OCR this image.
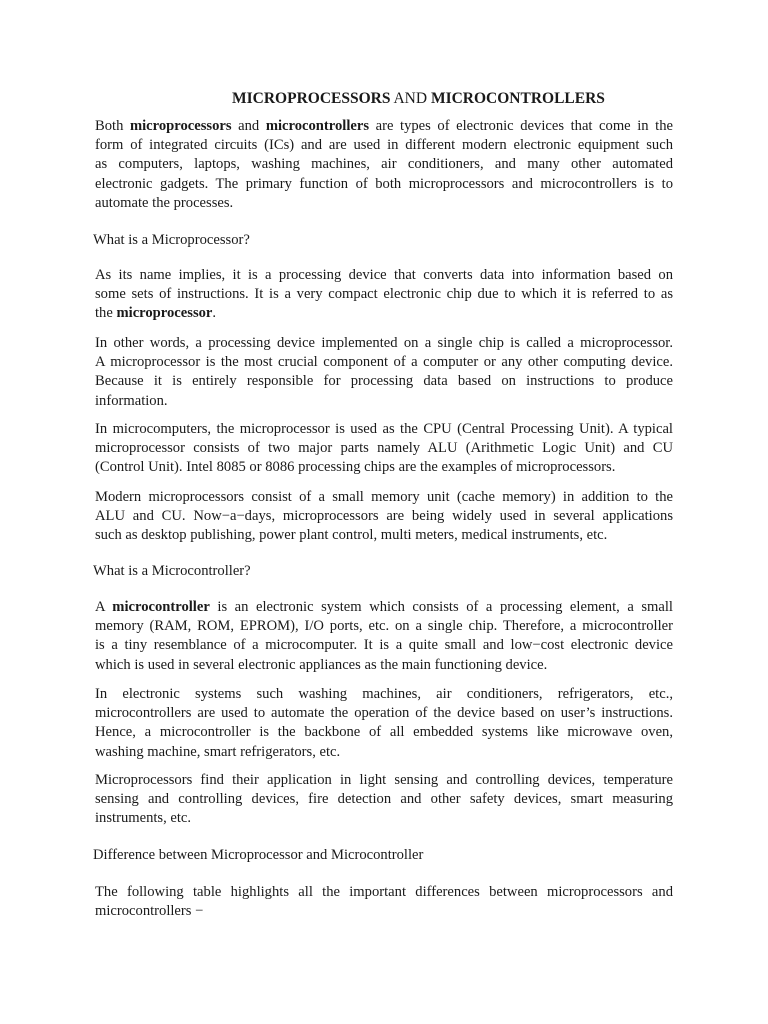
MICROPROCESSORS AND MICROCONTROLLERS
Both microprocessors and microcontrollers are types of electronic devices that come in the
form of integrated circuits (ICs) and are used in different modern electronic equipment such
as computers, laptops, washing machines, air conditioners, and many other automated
electronic gadgets. The primary function of both microprocessors and microcontrollers is to
automate the processes.
What is a Microprocessor?
As its name implies, it is a processing device that converts data into information based on
some sets of instructions. It is a very compact electronic chip due to which it is referred to as
the microprocessor.
In other words, a processing device implemented on a single chip is called a microprocessor.
A microprocessor is the most crucial component of a computer or any other computing device.
Because it is entirely responsible for processing data based on instructions to produce
information.
In microcomputers, the microprocessor is used as the CPU (Central Processing Unit). A typical
microprocessor consists of two major parts namely ALU (Arithmetic Logic Unit) and CU
(Control Unit). Intel 8085 or 8086 processing chips are the examples of microprocessors.
Modern microprocessors consist of a small memory unit (cache memory) in addition to the
ALU and CU. Now−a−days, microprocessors are being widely used in several applications
such as desktop publishing, power plant control, multi meters, medical instruments, etc.
What is a Microcontroller?
A microcontroller is an electronic system which consists of a processing element, a small
memory (RAM, ROM, EPROM), I/O ports, etc. on a single chip. Therefore, a microcontroller
is a tiny resemblance of a microcomputer. It is a quite small and low−cost electronic device
which is used in several electronic appliances as the main functioning device.
In electronic systems such washing machines, air conditioners, refrigerators, etc.,
microcontrollers are used to automate the operation of the device based on user’s instructions.
Hence, a microcontroller is the backbone of all embedded systems like microwave oven,
washing machine, smart refrigerators, etc.
Microprocessors find their application in light sensing and controlling devices, temperature
sensing and controlling devices, fire detection and other safety devices, smart measuring
instruments, etc.
Difference between Microprocessor and Microcontroller
The following table highlights all the important differences between microprocessors and
microcontrollers −
